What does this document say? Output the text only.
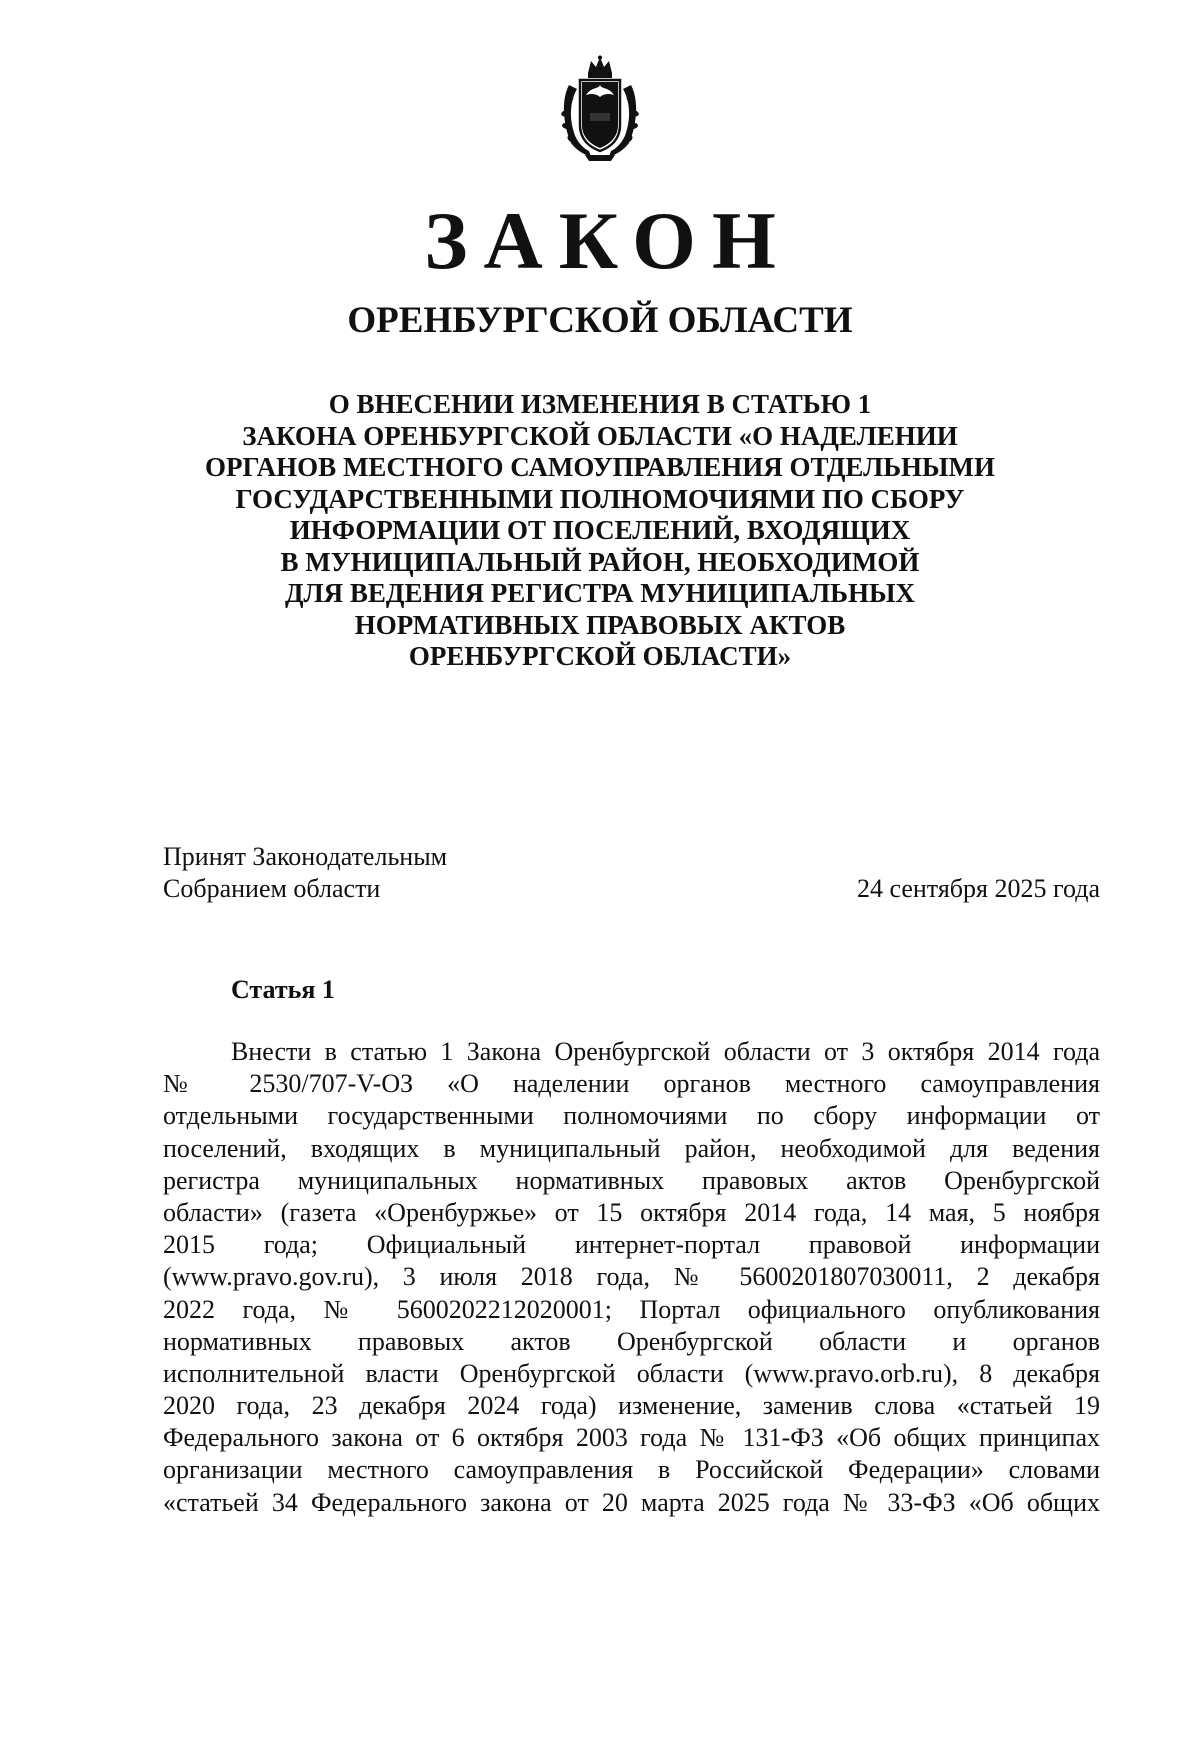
ЗАКОН
ОРЕНБУРГСКОЙ ОБЛАСТИ
О ВНЕСЕНИИ ИЗМЕНЕНИЯ В СТАТЬЮ 1
ЗАКОНА ОРЕНБУРГСКОЙ ОБЛАСТИ «О НАДЕЛЕНИИ
ОРГАНОВ МЕСТНОГО САМОУПРАВЛЕНИЯ ОТДЕЛЬНЫМИ
ГОСУДАРСТВЕННЫМИ ПОЛНОМОЧИЯМИ ПО СБОРУ
ИНФОРМАЦИИ ОТ ПОСЕЛЕНИЙ, ВХОДЯЩИХ
В МУНИЦИПАЛЬНЫЙ РАЙОН, НЕОБХОДИМОЙ
ДЛЯ ВЕДЕНИЯ РЕГИСТРА МУНИЦИПАЛЬНЫХ
НОРМАТИВНЫХ ПРАВОВЫХ АКТОВ
ОРЕНБУРГСКОЙ ОБЛАСТИ»
Принят Законодательным
Собранием области	24 сентября 2025 года
Статья 1
Внести в статью 1 Закона Оренбургской области от 3 октября 2014 года
№ 2530/707-V-ОЗ «О наделении органов местного самоуправления
отдельными государственными полномочиями по сбору информации от
поселений, входящих в муниципальный район, необходимой для ведения
регистра муниципальных нормативных правовых актов Оренбургской
области» (газета «Оренбуржье» от 15 октября 2014 года, 14 мая, 5 ноября
2015 года; Официальный интернет-портал правовой информации
(www.pravo.gov.ru), 3 июля 2018 года, № 5600201807030011, 2 декабря
2022 года, № 5600202212020001; Портал официального опубликования
нормативных правовых актов Оренбургской области и органов
исполнительной власти Оренбургской области (www.pravo.orb.ru), 8 декабря
2020 года, 23 декабря 2024 года) изменение, заменив слова «статьей 19
Федерального закона от 6 октября 2003 года № 131-ФЗ «Об общих принципах
организации местного самоуправления в Российской Федерации» словами
«статьей 34 Федерального закона от 20 марта 2025 года № 33-ФЗ «Об общих
